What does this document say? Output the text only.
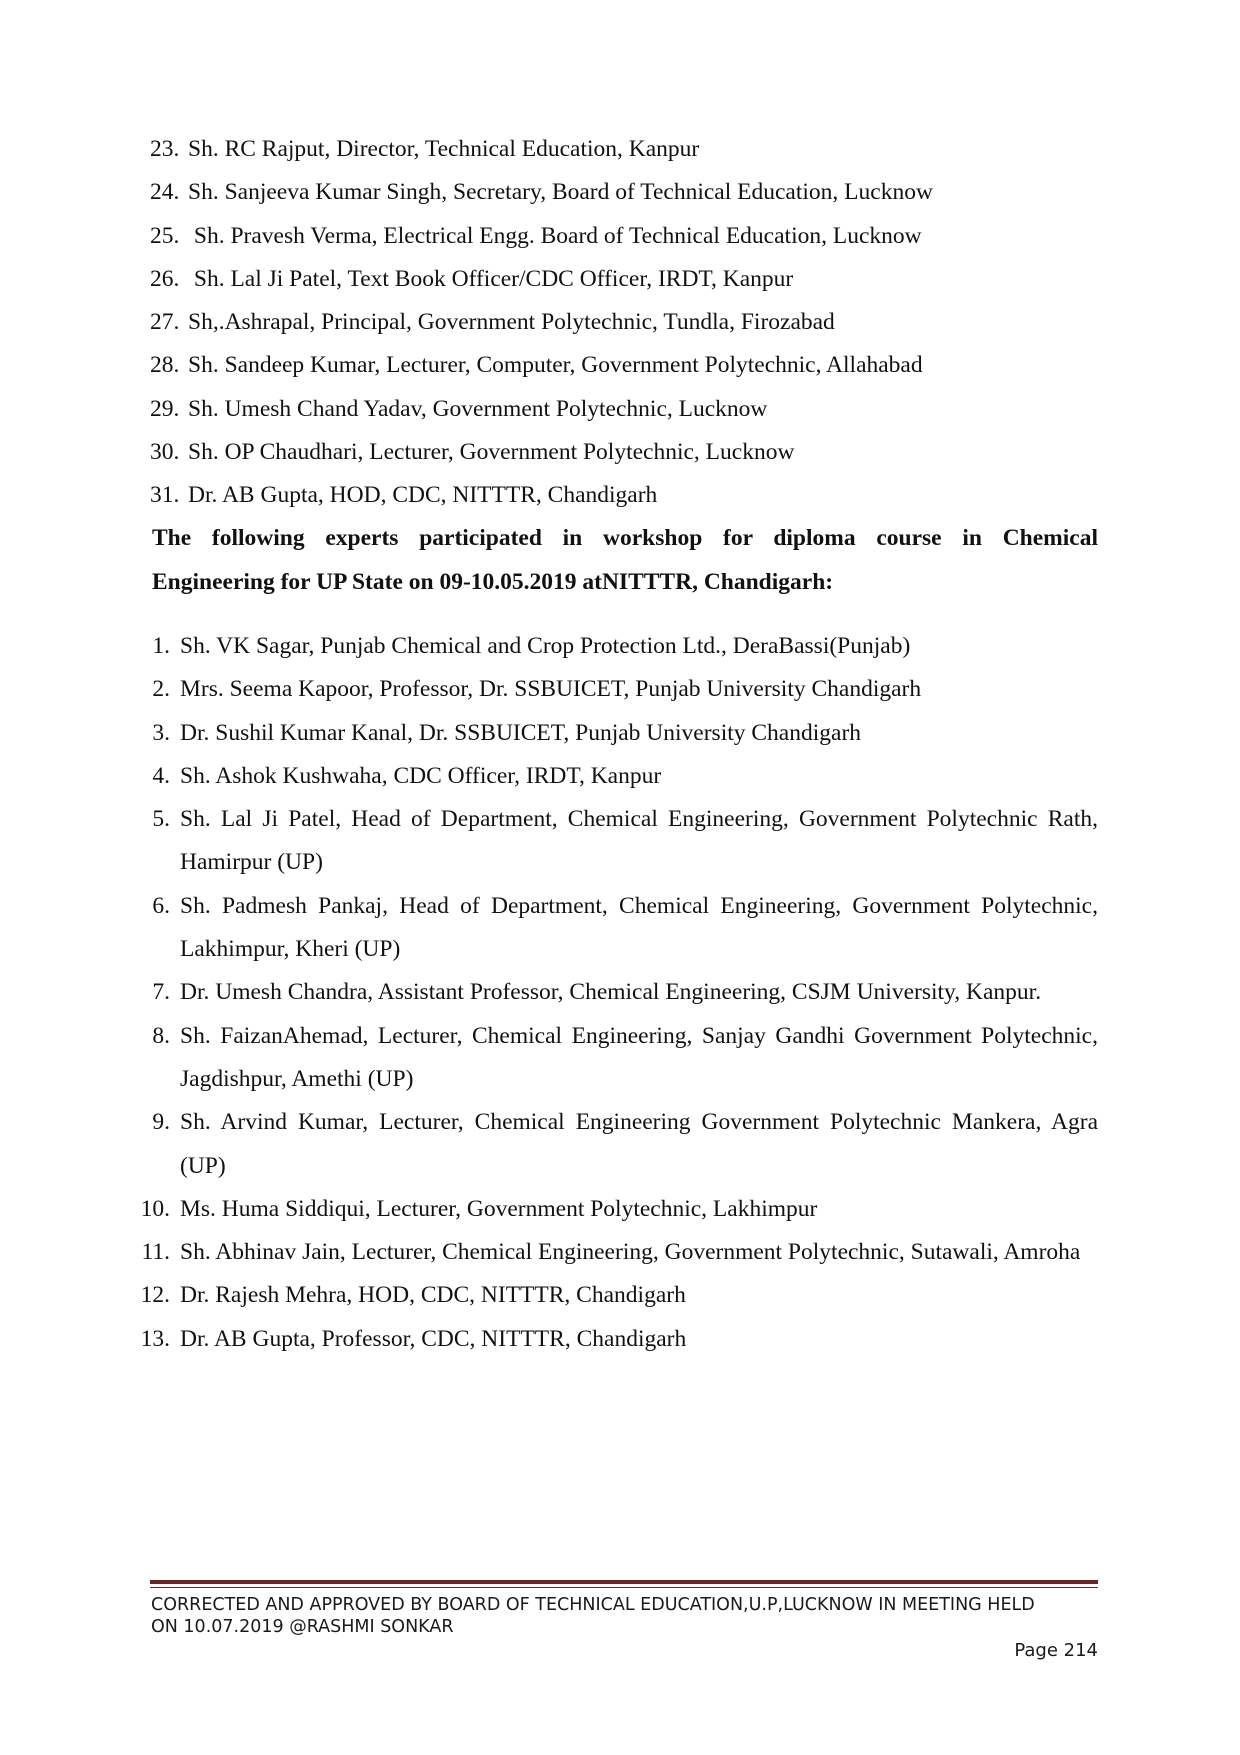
23. Sh. RC Rajput, Director, Technical Education, Kanpur
24. Sh. Sanjeeva Kumar Singh, Secretary, Board of Technical Education, Lucknow
25. Sh. Pravesh Verma, Electrical Engg. Board of Technical Education, Lucknow
26. Sh. Lal Ji Patel, Text Book Officer/CDC Officer, IRDT, Kanpur
27. Sh,.Ashrapal, Principal, Government Polytechnic, Tundla, Firozabad
28. Sh. Sandeep Kumar, Lecturer, Computer, Government Polytechnic, Allahabad
29. Sh. Umesh Chand Yadav, Government Polytechnic, Lucknow
30. Sh. OP Chaudhari, Lecturer, Government Polytechnic, Lucknow
31. Dr. AB Gupta, HOD, CDC, NITTTR, Chandigarh
The following experts participated in workshop for diploma course in Chemical
Engineering for UP State on 09-10.05.2019 atNITTTR, Chandigarh:
1. Sh. VK Sagar, Punjab Chemical and Crop Protection Ltd., DeraBassi(Punjab)
2. Mrs. Seema Kapoor, Professor, Dr. SSBUICET, Punjab University Chandigarh
3. Dr. Sushil Kumar Kanal, Dr. SSBUICET, Punjab University Chandigarh
4. Sh. Ashok Kushwaha, CDC Officer, IRDT, Kanpur
5. Sh. Lal Ji Patel, Head of Department, Chemical Engineering, Government Polytechnic Rath, Hamirpur (UP)
6. Sh. Padmesh Pankaj, Head of Department, Chemical Engineering, Government Polytechnic, Lakhimpur, Kheri (UP)
7. Dr. Umesh Chandra, Assistant Professor, Chemical Engineering, CSJM University, Kanpur.
8. Sh. FaizanAhemad, Lecturer, Chemical Engineering, Sanjay Gandhi Government Polytechnic, Jagdishpur, Amethi (UP)
9. Sh. Arvind Kumar, Lecturer, Chemical Engineering Government Polytechnic Mankera, Agra (UP)
10. Ms. Huma Siddiqui, Lecturer, Government Polytechnic, Lakhimpur
11. Sh. Abhinav Jain, Lecturer, Chemical Engineering, Government Polytechnic, Sutawali, Amroha
12. Dr. Rajesh Mehra, HOD, CDC, NITTTR, Chandigarh
13. Dr. AB Gupta, Professor, CDC, NITTTR, Chandigarh
CORRECTED AND APPROVED BY BOARD OF TECHNICAL EDUCATION,U.P,LUCKNOW IN MEETING HELD
ON 10.07.2019 @RASHMI SONKAR
Page 214
